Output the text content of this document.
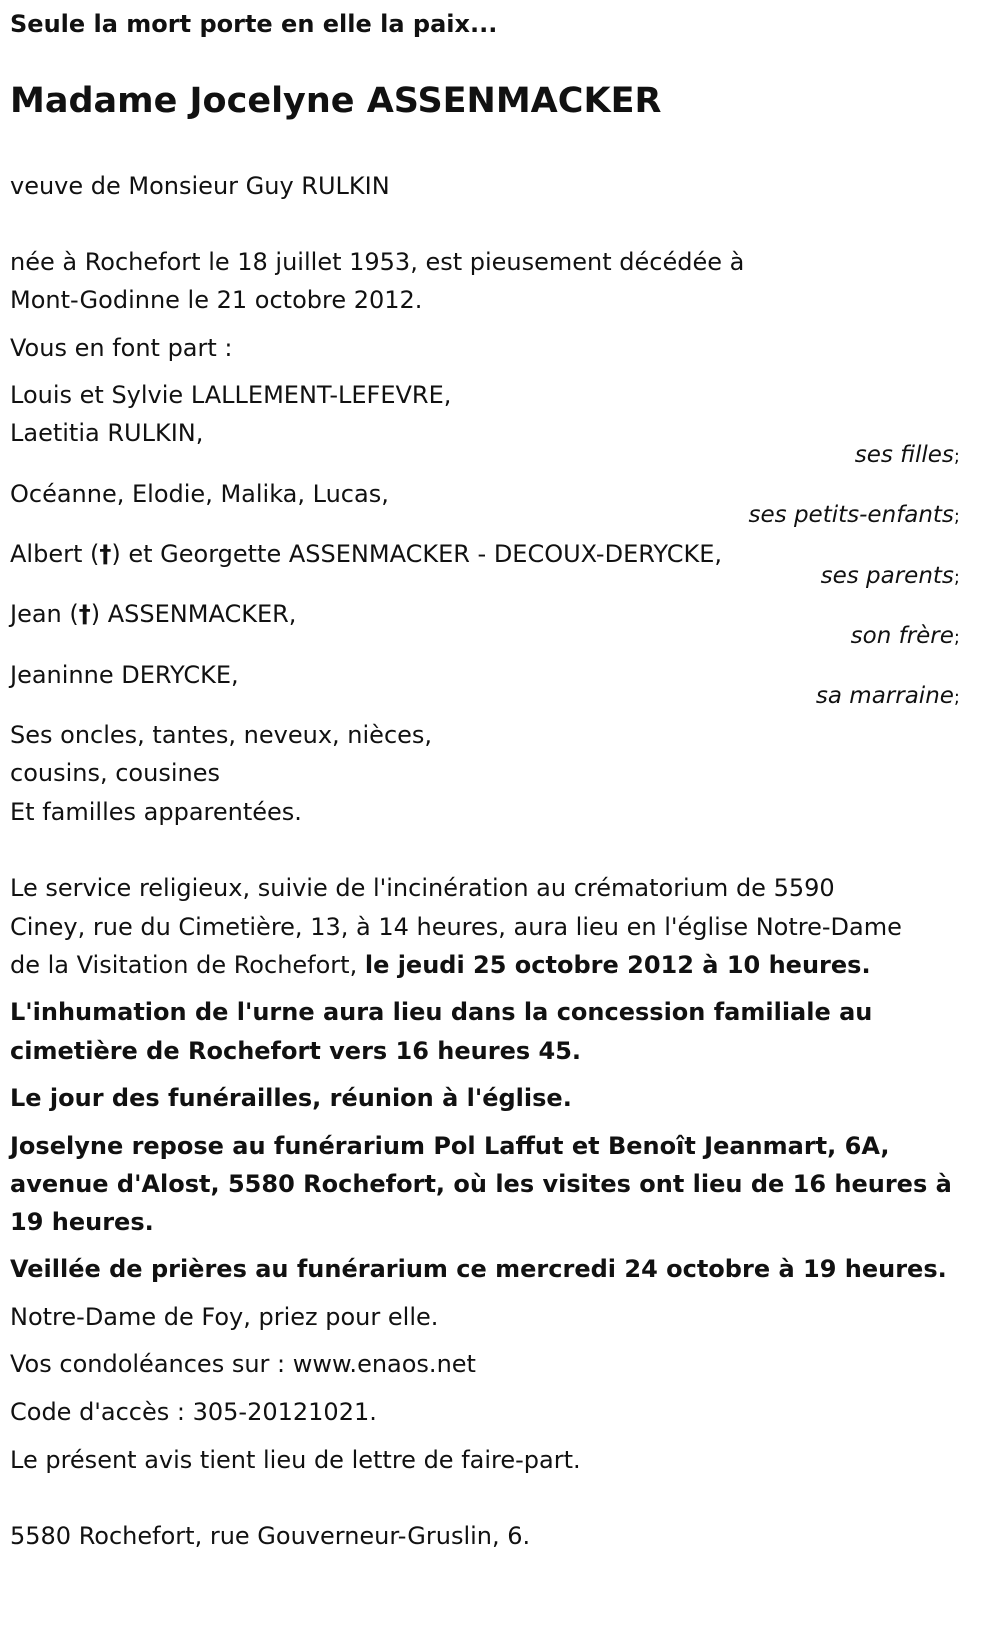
Seule la mort porte en elle la paix...
Madame Jocelyne ASSENMACKER
veuve de Monsieur Guy RULKIN
née à Rochefort le 18 juillet 1953, est pieusement décédée à
Mont-Godinne le 21 octobre 2012.
Vous en font part :
Louis et Sylvie LALLEMENT-LEFEVRE,
Laetitia RULKIN,
ses filles;
Océanne, Elodie, Malika, Lucas,
ses petits-enfants;
Albert (†) et Georgette ASSENMACKER - DECOUX-DERYCKE,
ses parents;
Jean (†) ASSENMACKER,
son frère;
Jeaninne DERYCKE,
sa marraine;
Ses oncles, tantes, neveux, nièces,
cousins, cousines
Et familles apparentées.
Le service religieux, suivie de l'incinération au crématorium de 5590
Ciney, rue du Cimetière, 13, à 14 heures, aura lieu en l'église Notre-Dame
de la Visitation de Rochefort, le jeudi 25 octobre 2012 à 10 heures.
L'inhumation de l'urne aura lieu dans la concession familiale au
cimetière de Rochefort vers 16 heures 45.
Le jour des funérailles, réunion à l'église.
Joselyne repose au funérarium Pol Laffut et Benoît Jeanmart, 6A,
avenue d'Alost, 5580 Rochefort, où les visites ont lieu de 16 heures à
19 heures.
Veillée de prières au funérarium ce mercredi 24 octobre à 19 heures.
Notre-Dame de Foy, priez pour elle.
Vos condoléances sur : www.enaos.net
Code d'accès : 305-20121021.
Le présent avis tient lieu de lettre de faire-part.
5580 Rochefort, rue Gouverneur-Gruslin, 6.
